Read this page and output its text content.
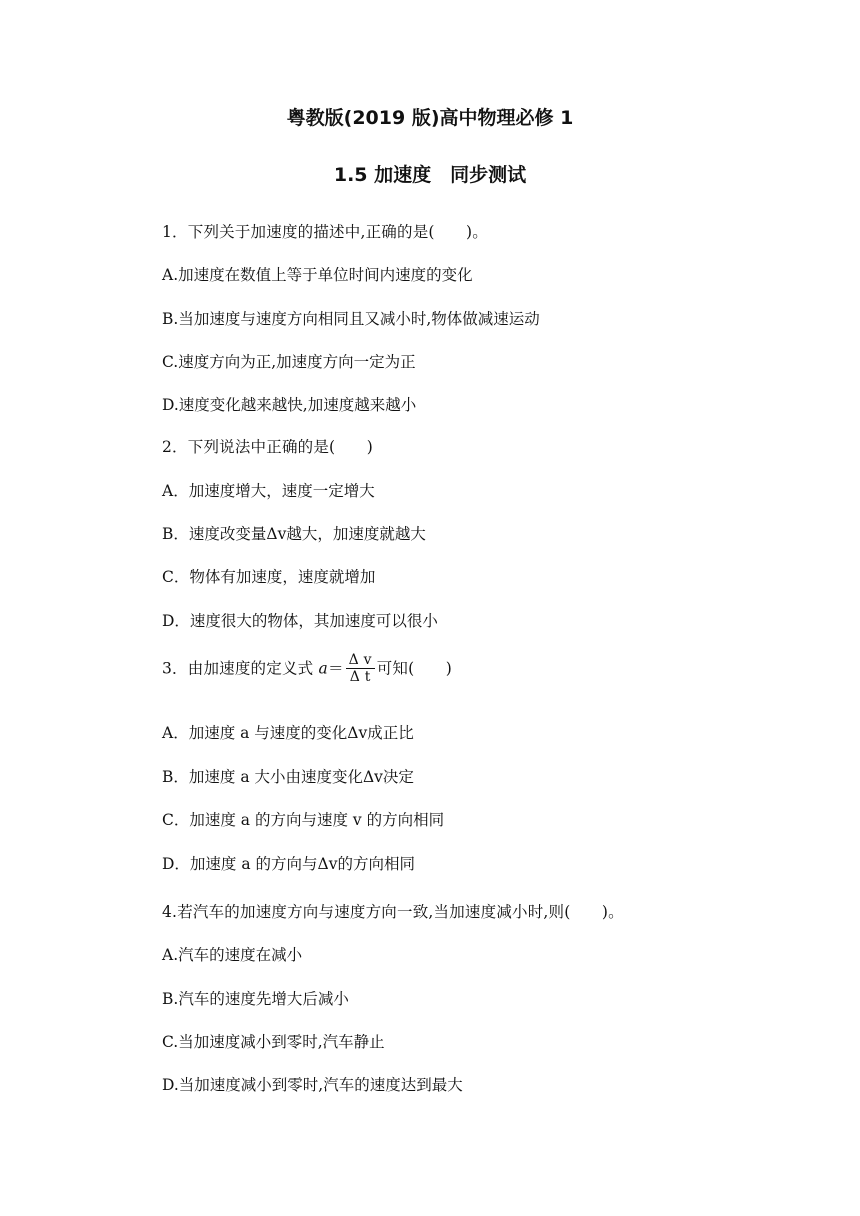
粤教版(2019 版)高中物理必修 1
1.5 加速度　同步测试
1．下列关于加速度的描述中,正确的是(　　)。
A.加速度在数值上等于单位时间内速度的变化
B.当加速度与速度方向相同且又减小时,物体做减速运动
C.速度方向为正,加速度方向一定为正
D.速度变化越来越快,加速度越来越小
2．下列说法中正确的是(　　)
A．加速度增大，速度一定增大
B．速度改变量Δv越大，加速度就越大
C．物体有加速度，速度就增加
D．速度很大的物体，其加速度可以很小
3．由加速度的定义式 $a= \frac{\text{Δ v}}{\text{Δ t}}$ 可知(　　)
A．加速度 a 与速度的变化Δv成正比
B．加速度 a 大小由速度变化Δv决定
C．加速度 a 的方向与速度 v 的方向相同
D．加速度 a 的方向与Δv的方向相同
4.若汽车的加速度方向与速度方向一致,当加速度减小时,则(　　)。
A.汽车的速度在减小
B.汽车的速度先增大后减小
C.当加速度减小到零时,汽车静止
D.当加速度减小到零时,汽车的速度达到最大
